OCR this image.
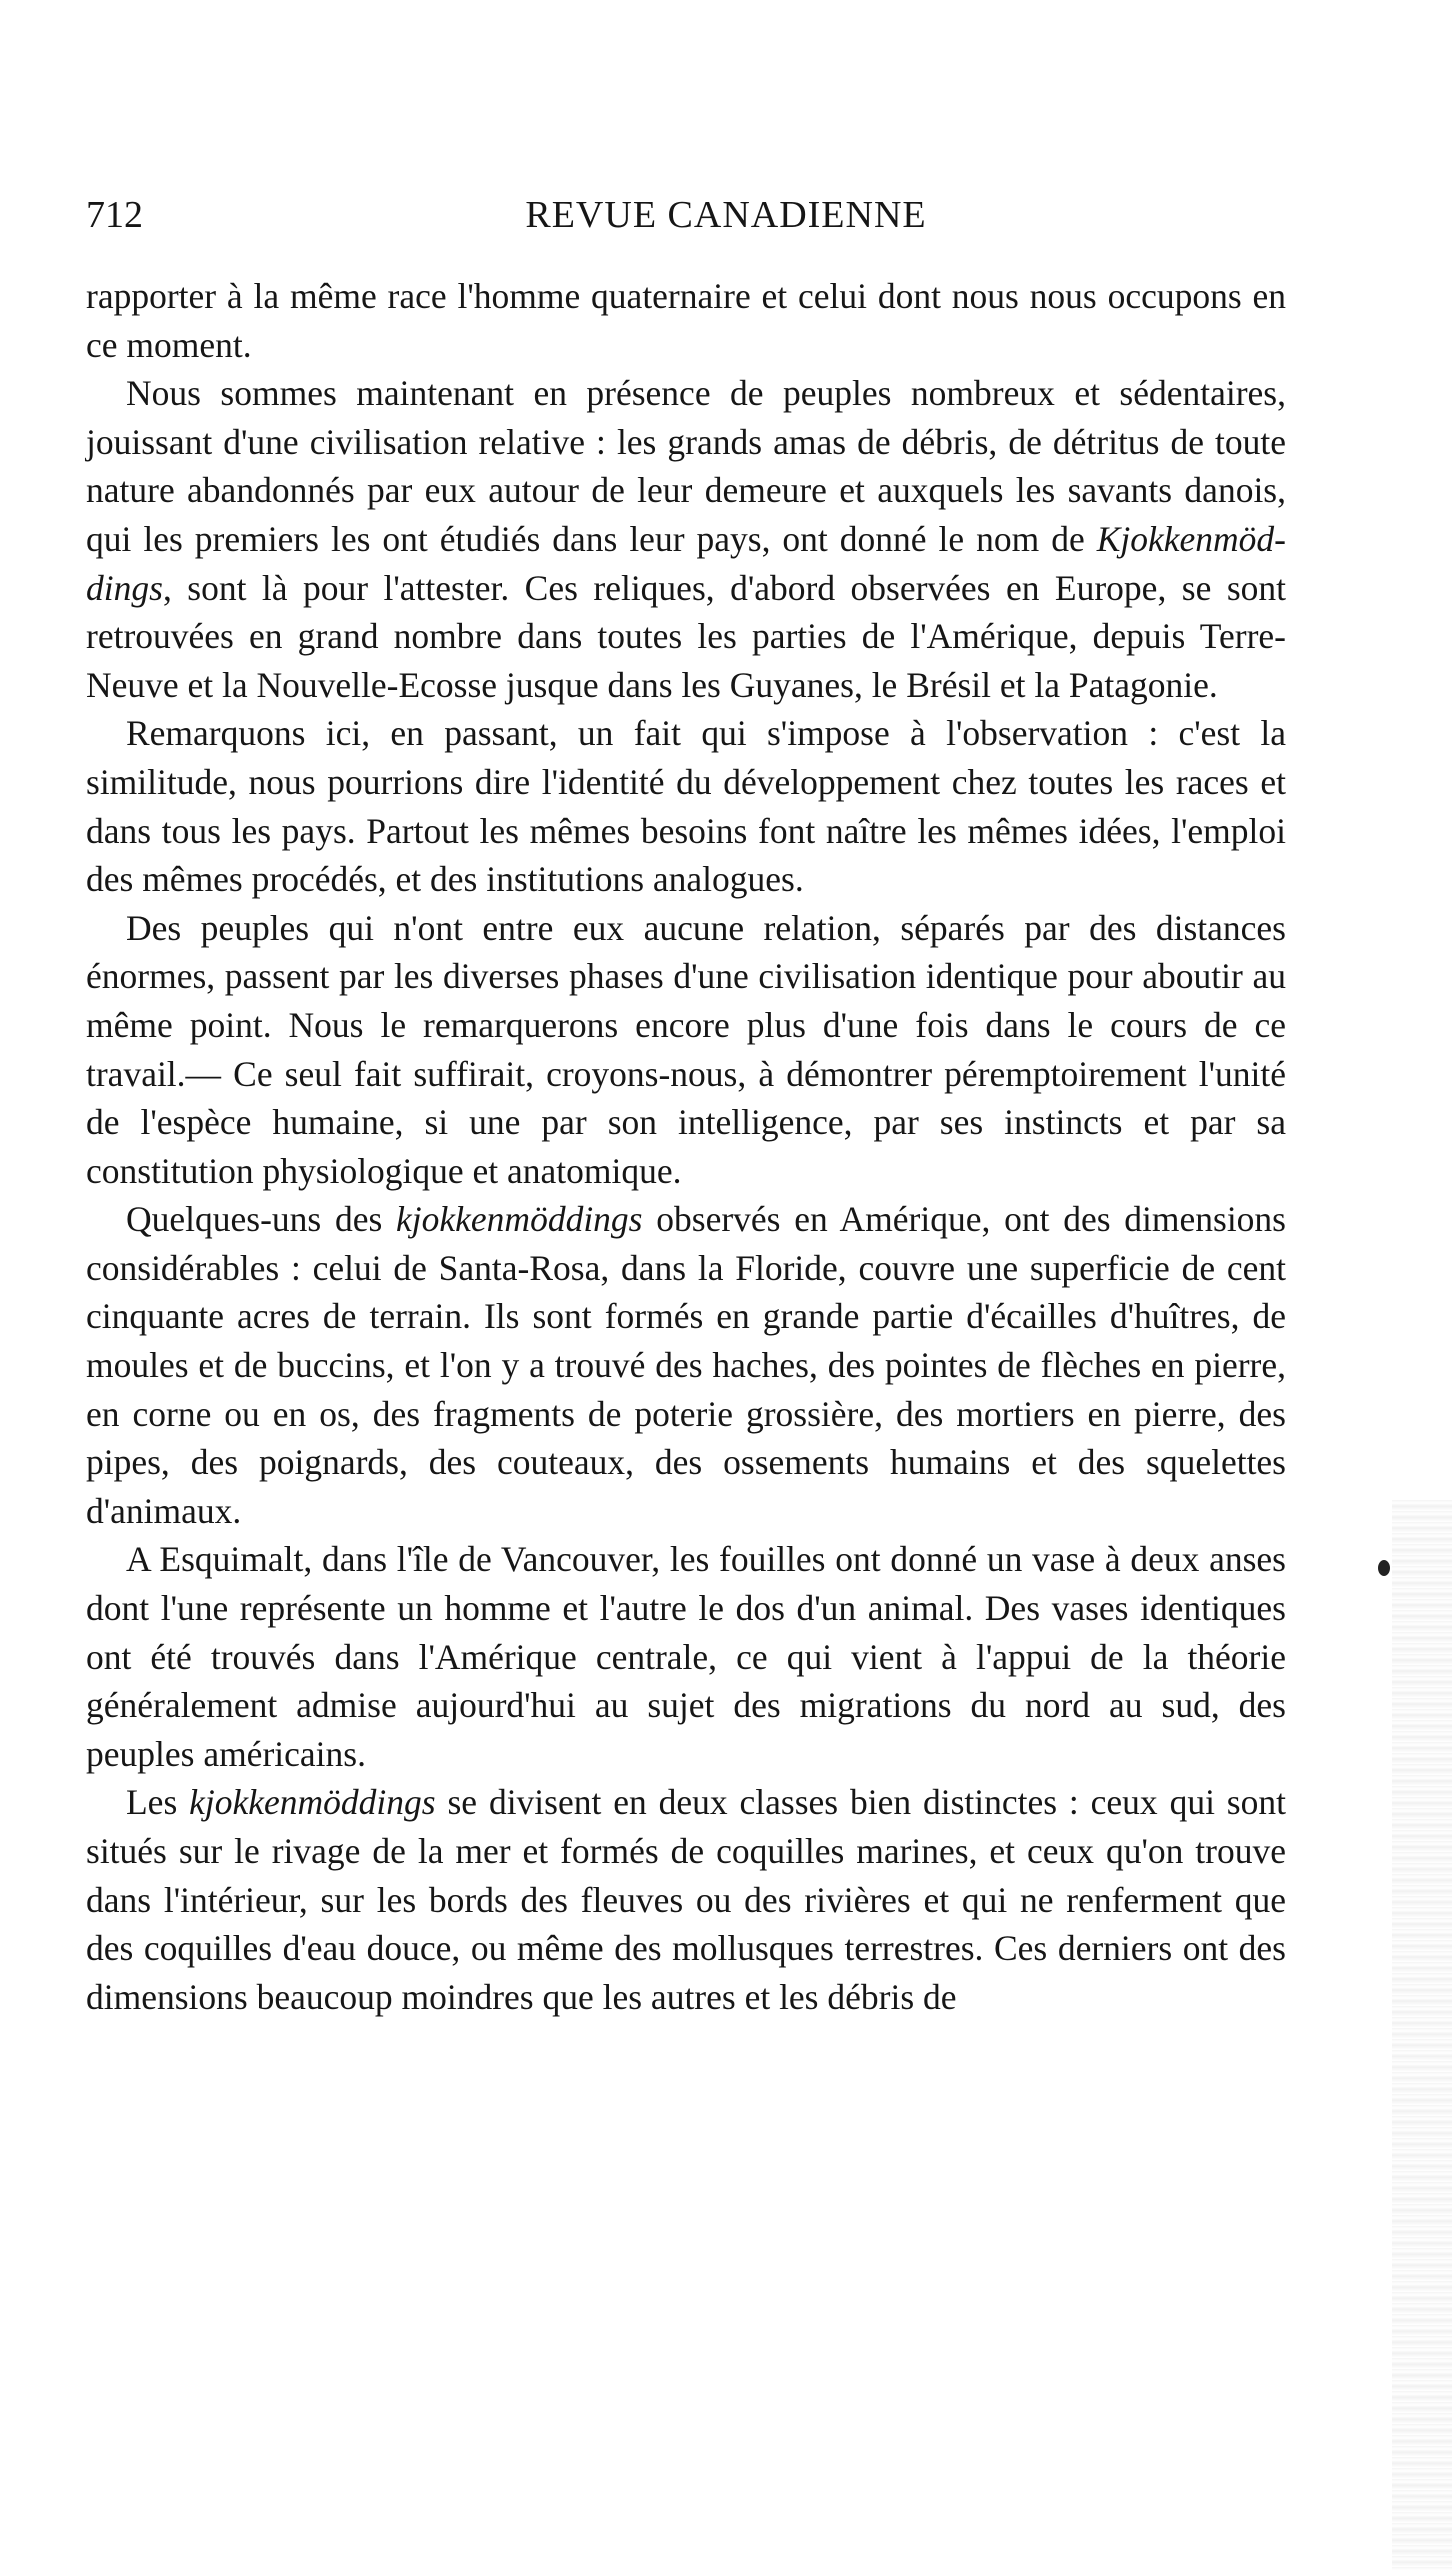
712	REVUE CANADIENNE

rapporter à la même race l'homme quaternaire et celui dont nous nous occupons en ce moment.

Nous sommes maintenant en présence de peuples nombreux et sédentaires, jouissant d'une civilisation relative : les grands amas de débris, de détritus de toute nature abandonnés par eux autour de leur demeure et auxquels les savants danois, qui les premiers les ont étudiés dans leur pays, ont donné le nom de Kjokkenmöddings, sont là pour l'attester. Ces reliques, d'abord observées en Europe, se sont retrouvées en grand nombre dans toutes les parties de l'Amérique, depuis Terre-Neuve et la Nouvelle-Ecosse jusque dans les Guyanes, le Brésil et la Patagonie.

Remarquons ici, en passant, un fait qui s'impose à l'observation : c'est la similitude, nous pourrions dire l'identité du développement chez toutes les races et dans tous les pays. Partout les mêmes besoins font naître les mêmes idées, l'emploi des mêmes procédés, et des institutions analogues.

Des peuples qui n'ont entre eux aucune relation, séparés par des distances énormes, passent par les diverses phases d'une civilisation identique pour aboutir au même point. Nous le remarquerons encore plus d'une fois dans le cours de ce travail.— Ce seul fait suffirait, croyons-nous, à démontrer péremptoirement l'unité de l'espèce humaine, si une par son intelligence, par ses instincts et par sa constitution physiologique et anatomique.

Quelques-uns des kjokkenmöddings observés en Amérique, ont des dimensions considérables : celui de Santa-Rosa, dans la Floride, couvre une superficie de cent cinquante acres de terrain. Ils sont formés en grande partie d'écailles d'huîtres, de moules et de buccins, et l'on y a trouvé des haches, des pointes de flèches en pierre, en corne ou en os, des fragments de poterie grossière, des mortiers en pierre, des pipes, des poignards, des couteaux, des ossements humains et des squelettes d'animaux.

A Esquimalt, dans l'île de Vancouver, les fouilles ont donné un vase à deux anses dont l'une représente un homme et l'autre le dos d'un animal. Des vases identiques ont été trouvés dans l'Amérique centrale, ce qui vient à l'appui de la théorie généralement admise aujourd'hui au sujet des migrations du nord au sud, des peuples américains.

Les kjokkenmöddings se divisent en deux classes bien distinctes : ceux qui sont situés sur le rivage de la mer et formés de coquilles marines, et ceux qu'on trouve dans l'intérieur, sur les bords des fleuves ou des rivières et qui ne renferment que des coquilles d'eau douce, ou même des mollusques terrestres. Ces derniers ont des dimensions beaucoup moindres que les autres et les débris de
